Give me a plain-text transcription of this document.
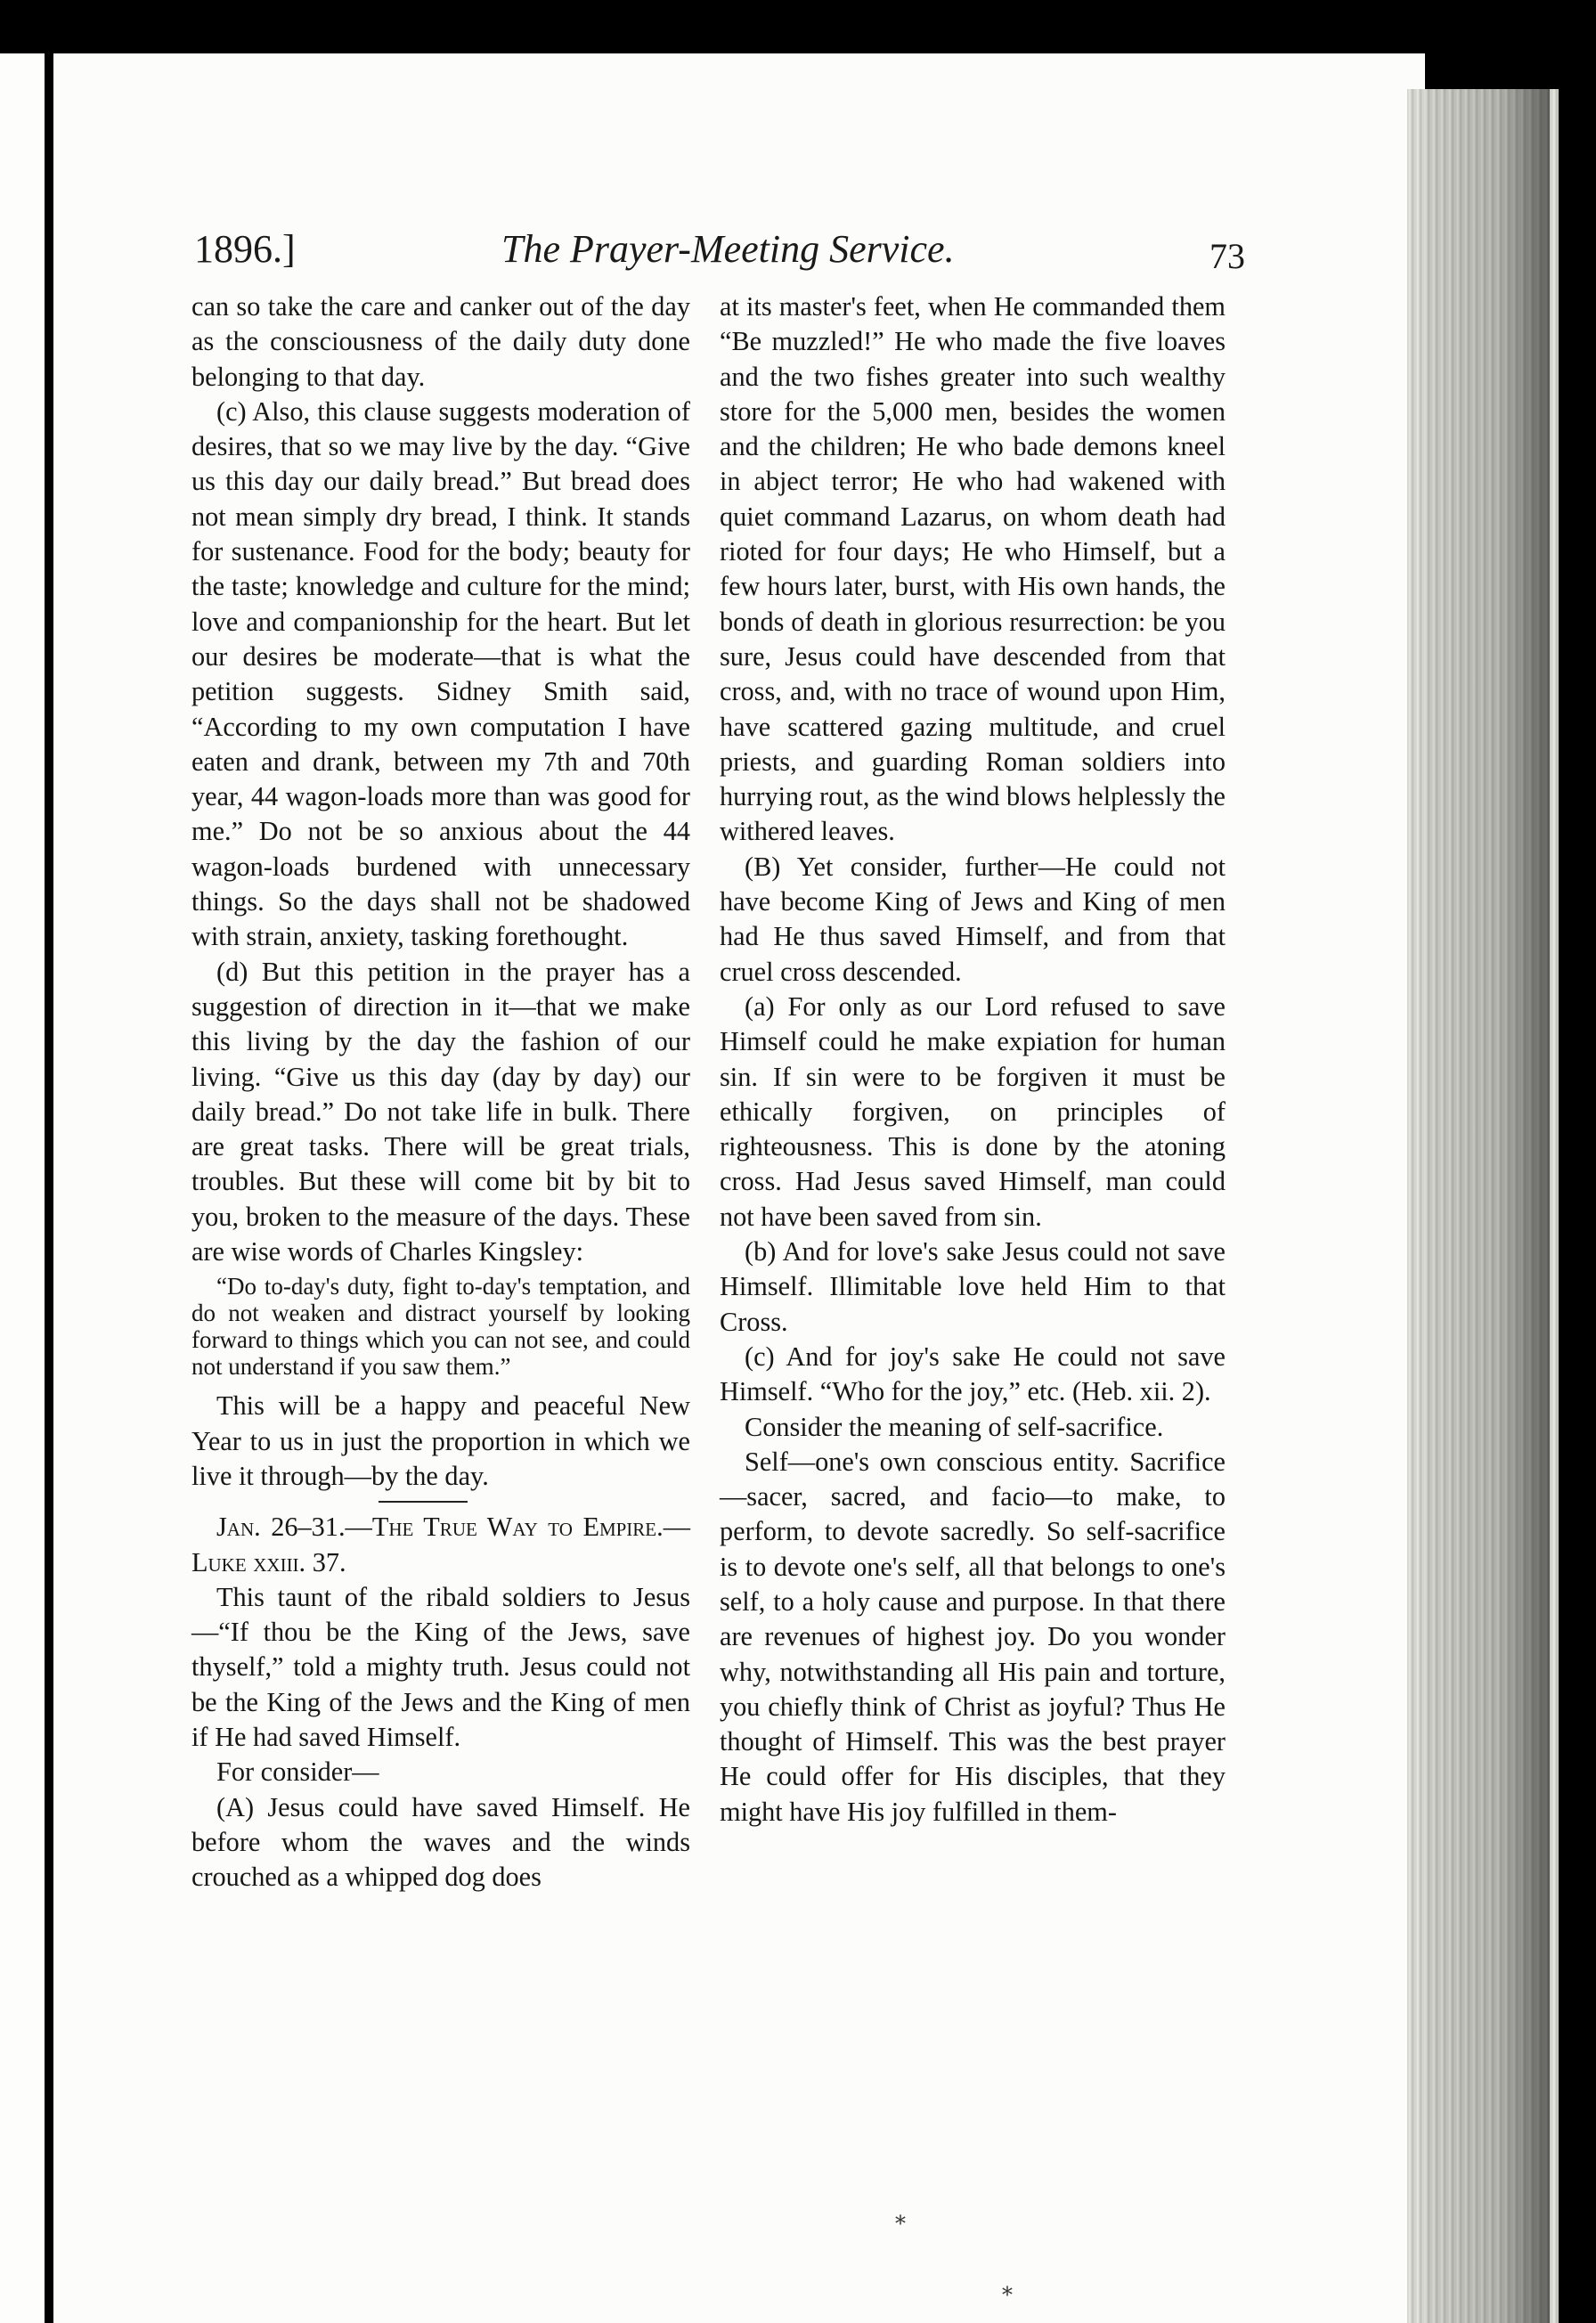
1896.]	The Prayer-Meeting Service.	73

can so take the care and canker out of the day as the consciousness of the daily duty done belonging to that day.

(c) Also, this clause suggests moderation of desires, that so we may live by the day. “Give us this day our daily bread.” But bread does not mean simply dry bread, I think. It stands for sustenance. Food for the body; beauty for the taste; knowledge and culture for the mind; love and companionship for the heart. But let our desires be moderate—that is what the petition suggests. Sidney Smith said, “According to my own computation I have eaten and drank, between my 7th and 70th year, 44 wagon-loads more than was good for me.” Do not be so anxious about the 44 wagon-loads burdened with unnecessary things. So the days shall not be shadowed with strain, anxiety, tasking forethought.

(d) But this petition in the prayer has a suggestion of direction in it—that we make this living by the day the fashion of our living. “Give us this day (day by day) our daily bread.” Do not take life in bulk. There are great tasks. There will be great trials, troubles. But these will come bit by bit to you, broken to the measure of the days. These are wise words of Charles Kingsley:

“Do to-day's duty, fight to-day's temptation, and do not weaken and distract yourself by looking forward to things which you can not see, and could not understand if you saw them.”

This will be a happy and peaceful New Year to us in just the proportion in which we live it through—by the day.

Jan. 26–31.—The True Way to Empire.—Luke xxiii. 37.

This taunt of the ribald soldiers to Jesus—“If thou be the King of the Jews, save thyself,” told a mighty truth. Jesus could not be the King of the Jews and the King of men if He had saved Himself.

For consider—

(A) Jesus could have saved Himself. He before whom the waves and the winds crouched as a whipped dog does

at its master's feet, when He commanded them “Be muzzled!” He who made the five loaves and the two fishes greater into such wealthy store for the 5,000 men, besides the women and the children; He who bade demons kneel in abject terror; He who had wakened with quiet command Lazarus, on whom death had rioted for four days; He who Himself, but a few hours later, burst, with His own hands, the bonds of death in glorious resurrection: be you sure, Jesus could have descended from that cross, and, with no trace of wound upon Him, have scattered gazing multitude, and cruel priests, and guarding Roman soldiers into hurrying rout, as the wind blows helplessly the withered leaves.

(B) Yet consider, further—He could not have become King of Jews and King of men had He thus saved Himself, and from that cruel cross descended.

(a) For only as our Lord refused to save Himself could he make expiation for human sin. If sin were to be forgiven it must be ethically forgiven, on principles of righteousness. This is done by the atoning cross. Had Jesus saved Himself, man could not have been saved from sin.

(b) And for love's sake Jesus could not save Himself. Illimitable love held Him to that Cross.

(c) And for joy's sake He could not save Himself. “Who for the joy,” etc. (Heb. xii. 2).

Consider the meaning of self-sacrifice.

Self—one's own conscious entity. Sacrifice—sacer, sacred, and facio—to make, to perform, to devote sacredly. So self-sacrifice is to devote one's self, all that belongs to one's self, to a holy cause and purpose. In that there are revenues of highest joy. Do you wonder why, notwithstanding all His pain and torture, you chiefly think of Christ as joyful? Thus He thought of Himself. This was the best prayer He could offer for His disciples, that they might have His joy fulfilled in them-

⁎
⁎
